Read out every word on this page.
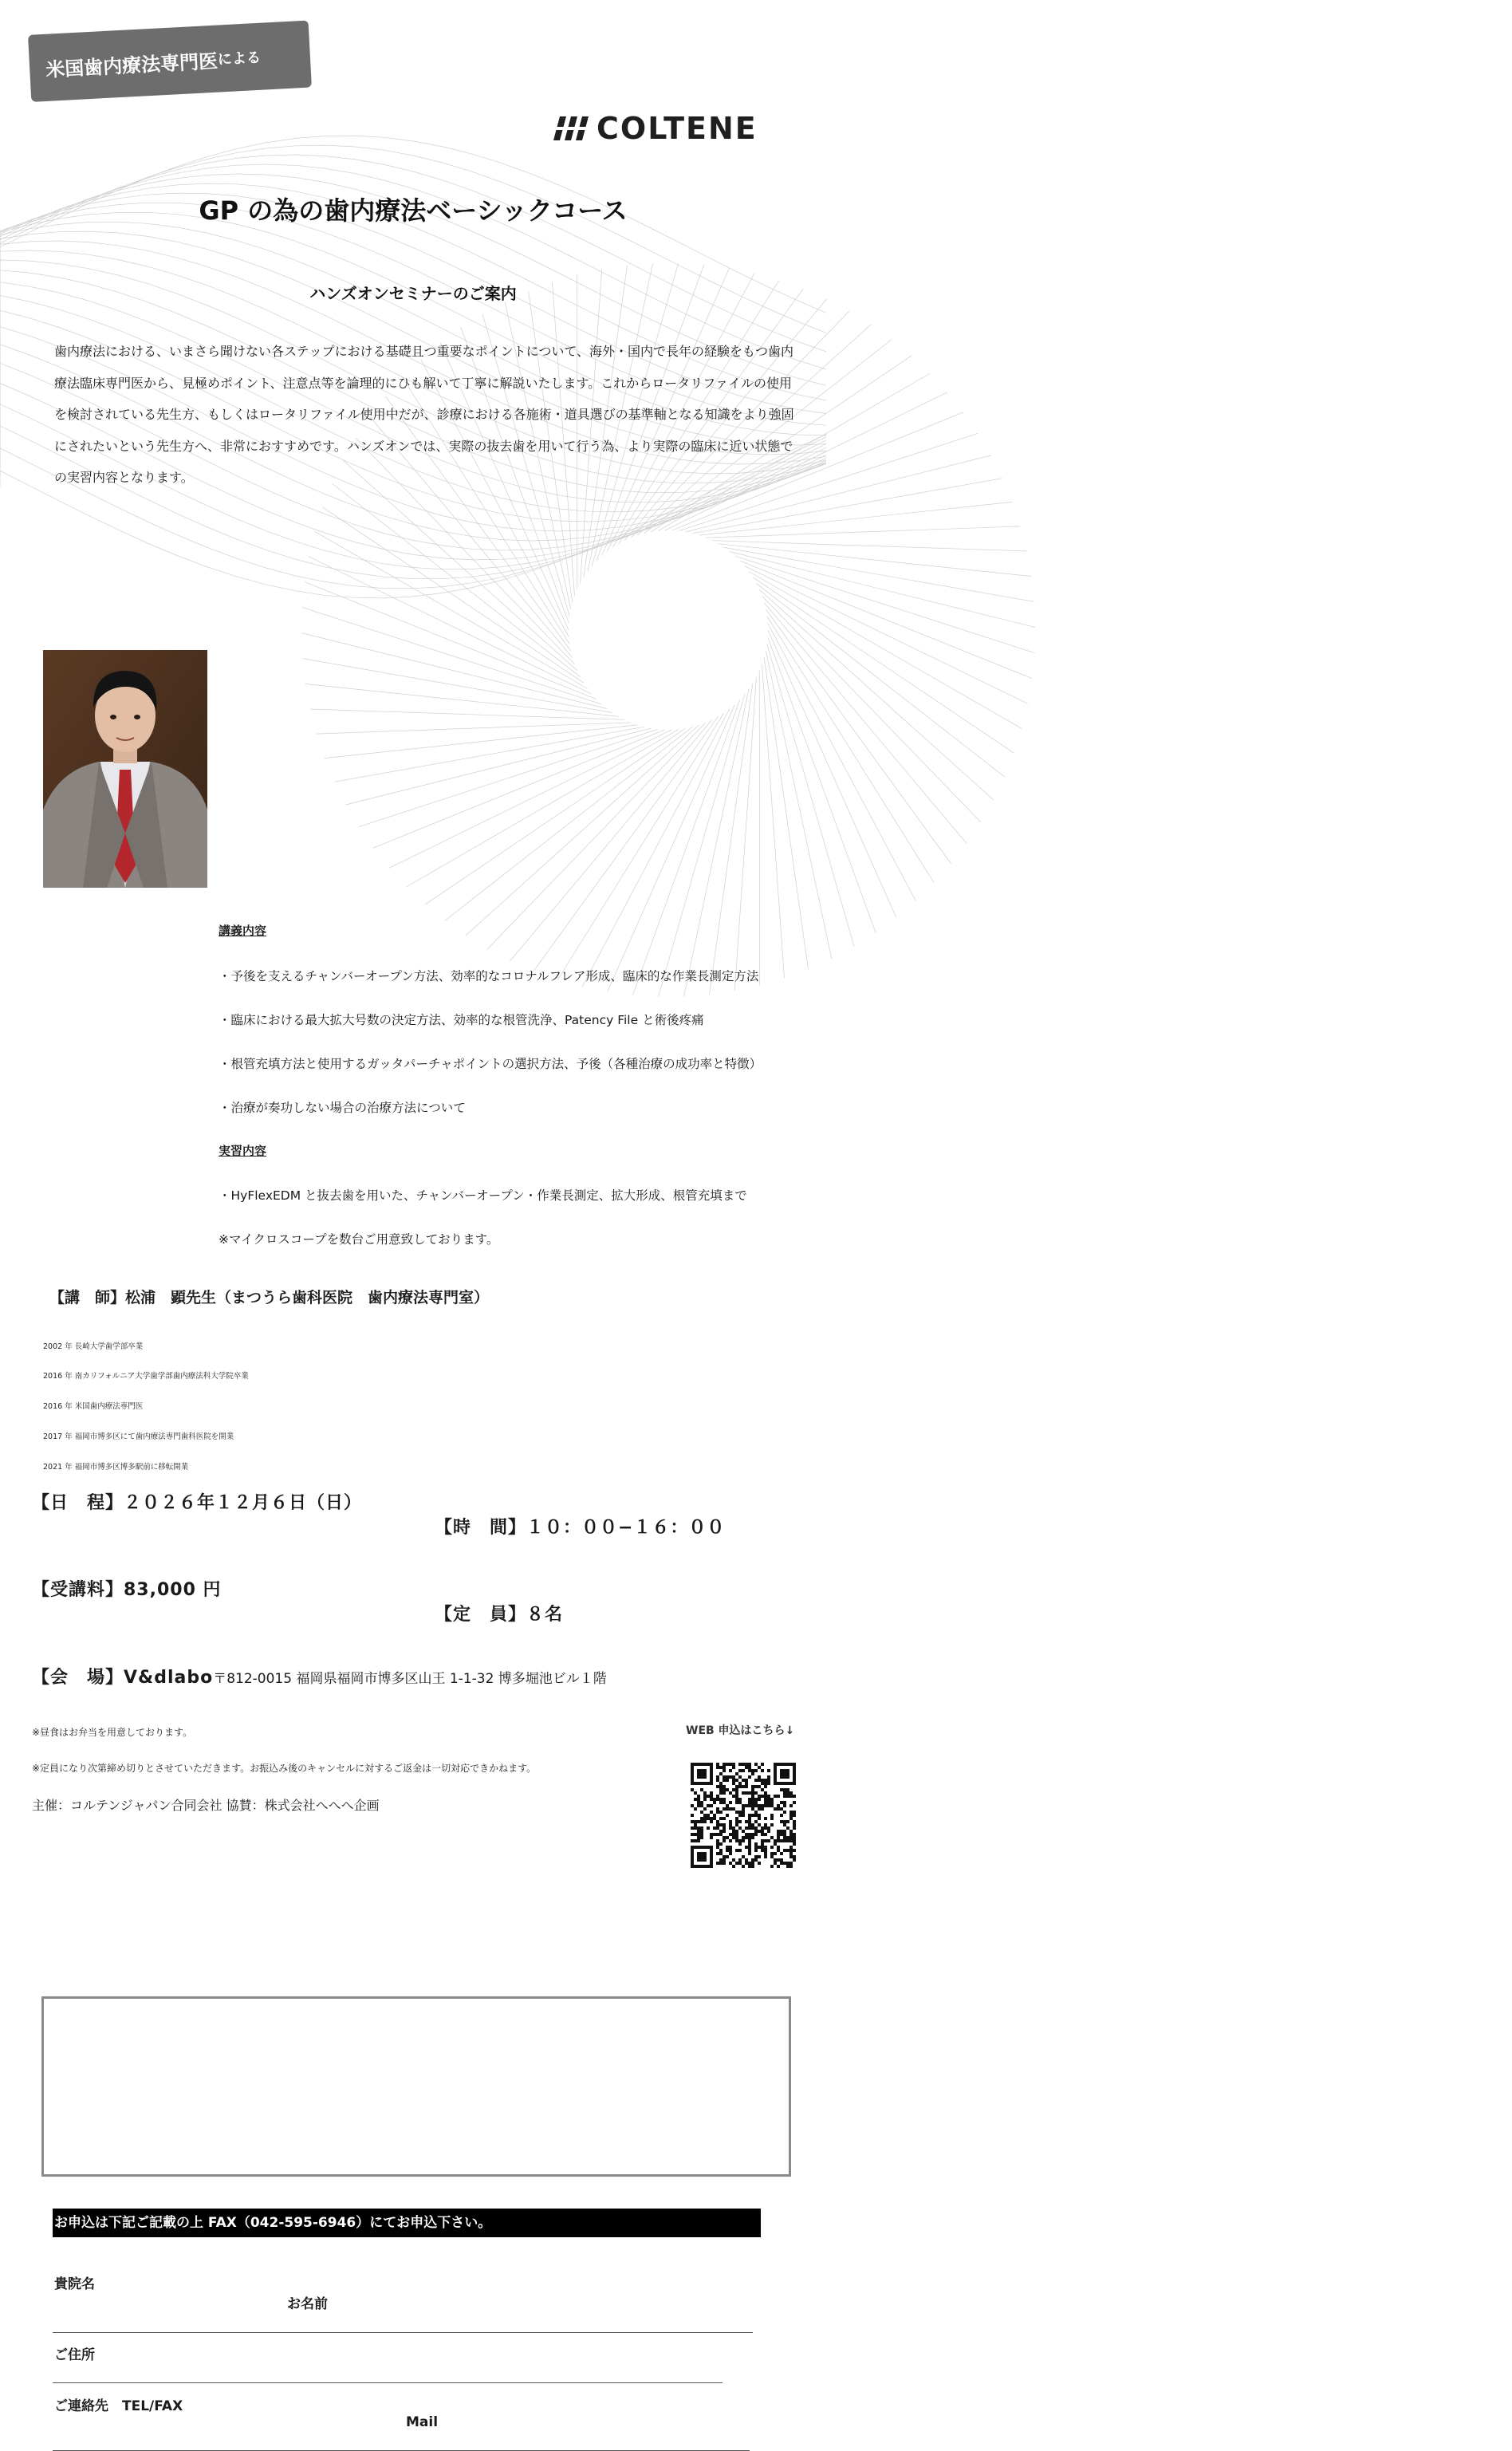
米国歯内療法専門医
による
COLTENE
GP の為の歯内療法ベーシックコース
ハンズオンセミナーのご案内

歯内療法における、いまさら聞けない各ステップにおける基礎且つ重要なポイントについて、海外・国内で長年の経験をもつ歯内療法臨床専門医から、見極めポイント、注意点等を論理的にひも解いて丁寧に解説いたします。これからロータリファイルの使用を検討されている先生方、もしくはロータリファイル使用中だが、診療における各施術・道具選びの基準軸となる知識をより強固にされたいという先生方へ、非常におすすめです。ハンズオンでは、実際の抜去歯を用いて行う為、より実際の臨床に近い状態での実習内容となります。

講義内容
・予後を支えるチャンバーオープン方法、効率的なコロナルフレア形成、臨床的な作業長測定方法
・臨床における最大拡大号数の決定方法、効率的な根管洗浄、Patency File と術後疼痛
・根管充填方法と使用するガッタパーチャポイントの選択方法、予後（各種治療の成功率と特徴）
・治療が奏功しない場合の治療方法について
実習内容
・HyFlexEDM と抜去歯を用いた、チャンバーオープン・作業長測定、拡大形成、根管充填まで
※マイクロスコープを数台ご用意致しております。
【講　師】松浦　顕先生（まつうら歯科医院　歯内療法専門室）
2002 年 長崎大学歯学部卒業
2016 年 南カリフォルニア大学歯学部歯内療法科大学院卒業
2016 年 米国歯内療法専門医
2017 年 福岡市博多区にて歯内療法専門歯科医院を開業
2021 年 福岡市博多区博多駅前に移転開業
【日　程】２０２６年１２月６日（日）
【時　間】１０：００−１６：００
【受講料】83,000 円
【定　員】８名
【会　場】V&dlabo〒812-0015 福岡県福岡市博多区山王 1-1-32 博多堀池ビル１階
※昼食はお弁当を用意しております。
※定員になり次第締め切りとさせていただきます。お振込み後のキャンセルに対するご返金は一切対応できかねます。
主催：コルテンジャパン合同会社 協賛：株式会社へへへ企画
WEB 申込はこちら↓
お申込は下記ご記載の上 FAX（042-595-6946）にてお申込下さい。
貴院名
お名前
ご住所
ご連絡先　TEL/FAX
Mail
